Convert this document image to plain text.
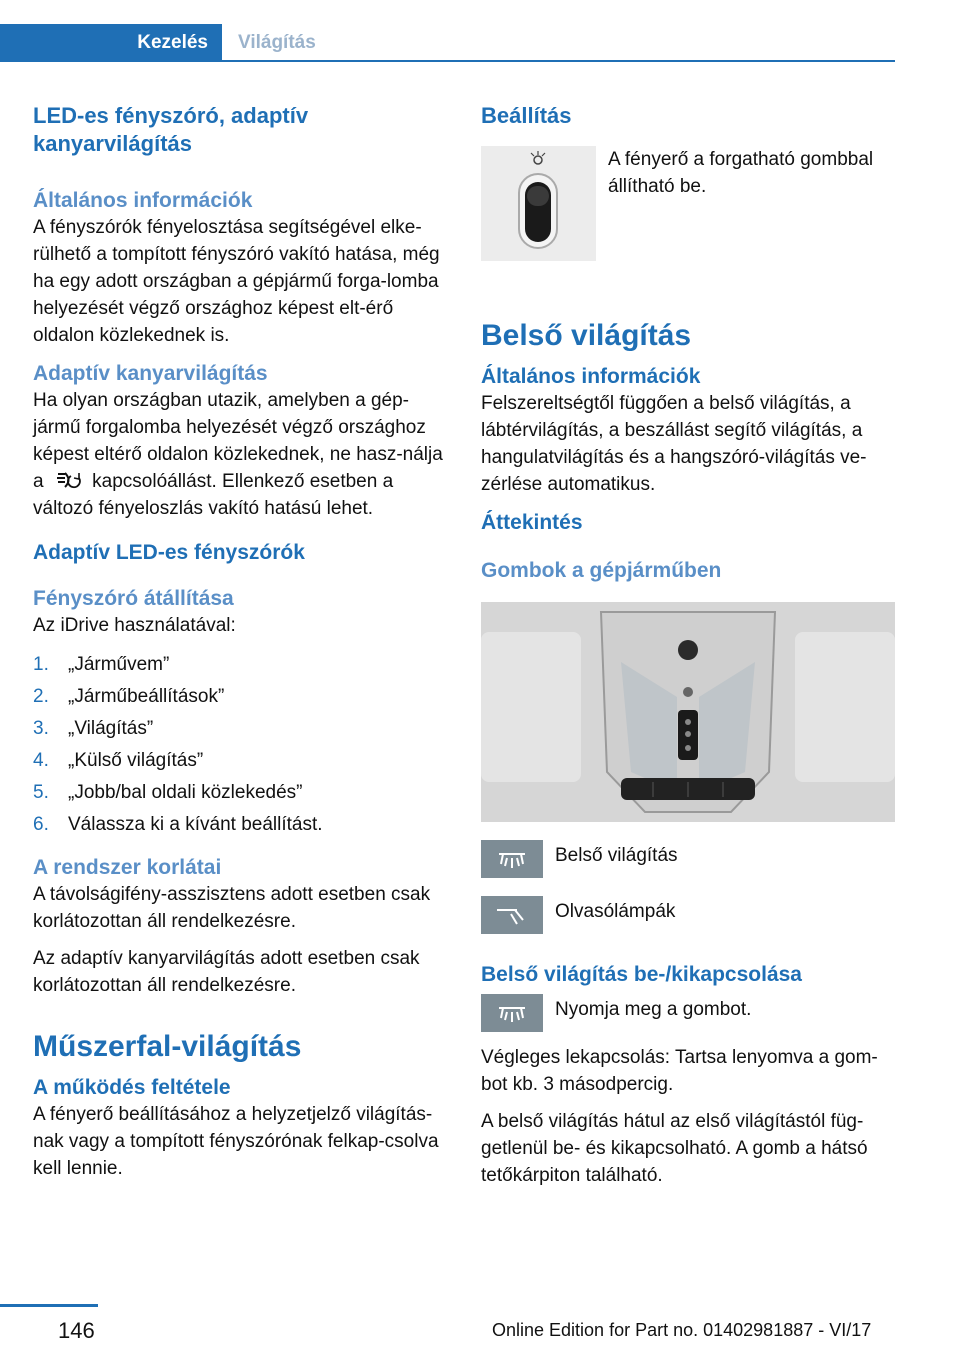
Kezelés	Világítás
LED-es fényszóró, adaptív kanyarvilágítás
Általános információk

A fényszórók fényelosztása segítségével elke-rülhető a tompított fényszóró vakító hatása, még ha egy adott országban a gépjármű forga-lomba helyezését végző országhoz képest elt-érő oldalon közlekednek is.

Adaptív kanyarvilágítás

Ha olyan országban utazik, amelyben a gép-jármű forgalomba helyezését végző országhoz képest eltérő oldalon közlekednek, ne hasz-nálja a	kapcsolóállást. Ellenkező esetben a változó fényeloszlás vakító hatású lehet.

Adaptív LED-es fényszórók
Fényszóró átállítása

Az iDrive használatával:

1. „Járművem”
2. „Járműbeállítások”
3. „Világítás”
4. „Külső világítás”
5. „Jobb/bal oldali közlekedés”
6. Válassza ki a kívánt beállítást.
A rendszer korlátai

A távolságifény-asszisztens adott esetben csak korlátozottan áll rendelkezésre.

Az adaptív kanyarvilágítás adott esetben csak korlátozottan áll rendelkezésre.

Műszerfal-világítás
A működés feltétele

A fényerő beállításához a helyzetjelző világítás-nak vagy a tompított fényszórónak felkap-csolva kell lennie.

Beállítás

A fényerő a forgatható gombbal állítható be.

Belső világítás
Általános információk

Felszereltségtől függően a belső világítás, a lábtérvilágítás, a beszállást segítő világítás, a hangulatvilágítás és a hangszóró-világítás ve-zérlése automatikus.

Áttekintés
Gombok a gépjárműben
Belső világítás
Olvasólámpák
Belső világítás be-/kikapcsolása
Nyomja meg a gombot.

Végleges lekapcsolás: Tartsa lenyomva a gom-bot kb. 3 másodpercig.

A belső világítás hátul az első világítástól füg-getlenül be- és kikapcsolható. A gomb a hátsó tetőkárpiton található.

146	Online Edition for Part no. 01402981887 - VI/17
